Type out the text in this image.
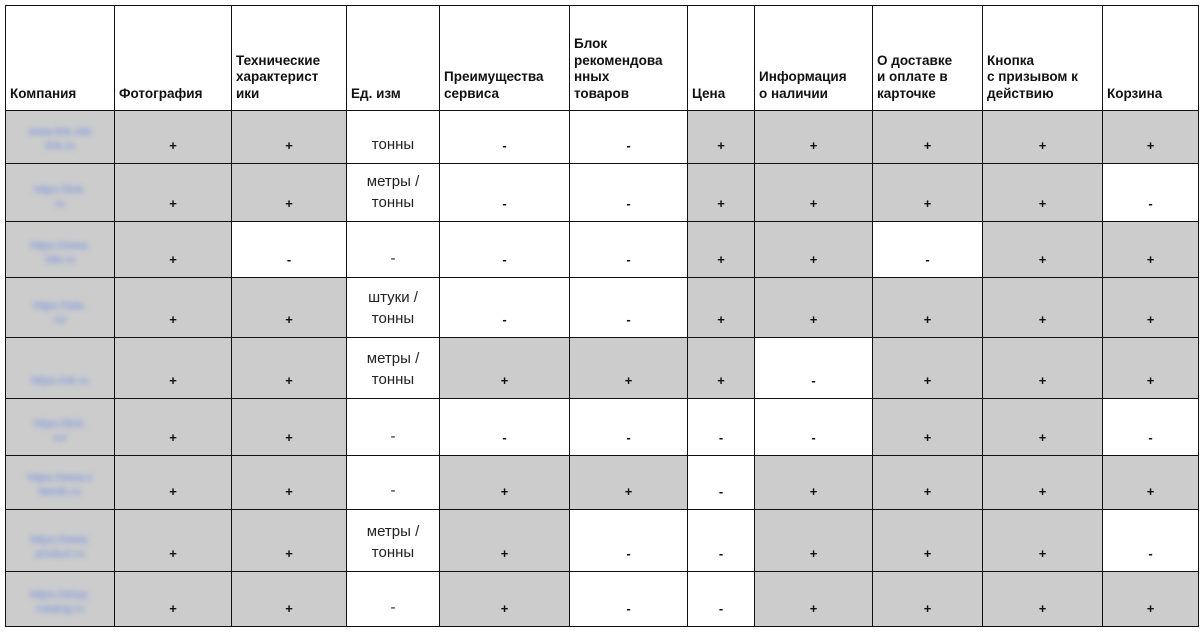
Компания	Фотография	Технические
характерист
ики	Ед. изм	Преимущества
сервиса	Блок
рекомендова
нных
товаров	Цена	Информация
о наличии	О доставке
и оплате в
карточке	Кнопка
с призывом к
действию	Корзина

www.link.site
link.ru	+	+	тонны	-	-	+	+	+	+	+

https://link.
ru	+	+	метры /
тонны	-	-	+	+	+	+	-

https://www.
site.ru	+	-	-	-	-	+	+	-	+	+

https://site.
ru/	+	+	штуки /
тонны	-	-	+	+	+	+	+

https://ok.ru	+	+	метры /
тонны	+	+	+	-	+	+	+

https://link.
ru/	+	+	-	-	-	-	-	+	+	-

https://www.s
iteinfo.ru	+	+	-	+	+	-	+	+	+	+

https://www.
product.ru	+	+	метры /
тонны	+	-	-	+	+	+	-

https://shop.
catalog.ru	+	+	-	+	-	-	+	+	+	+
